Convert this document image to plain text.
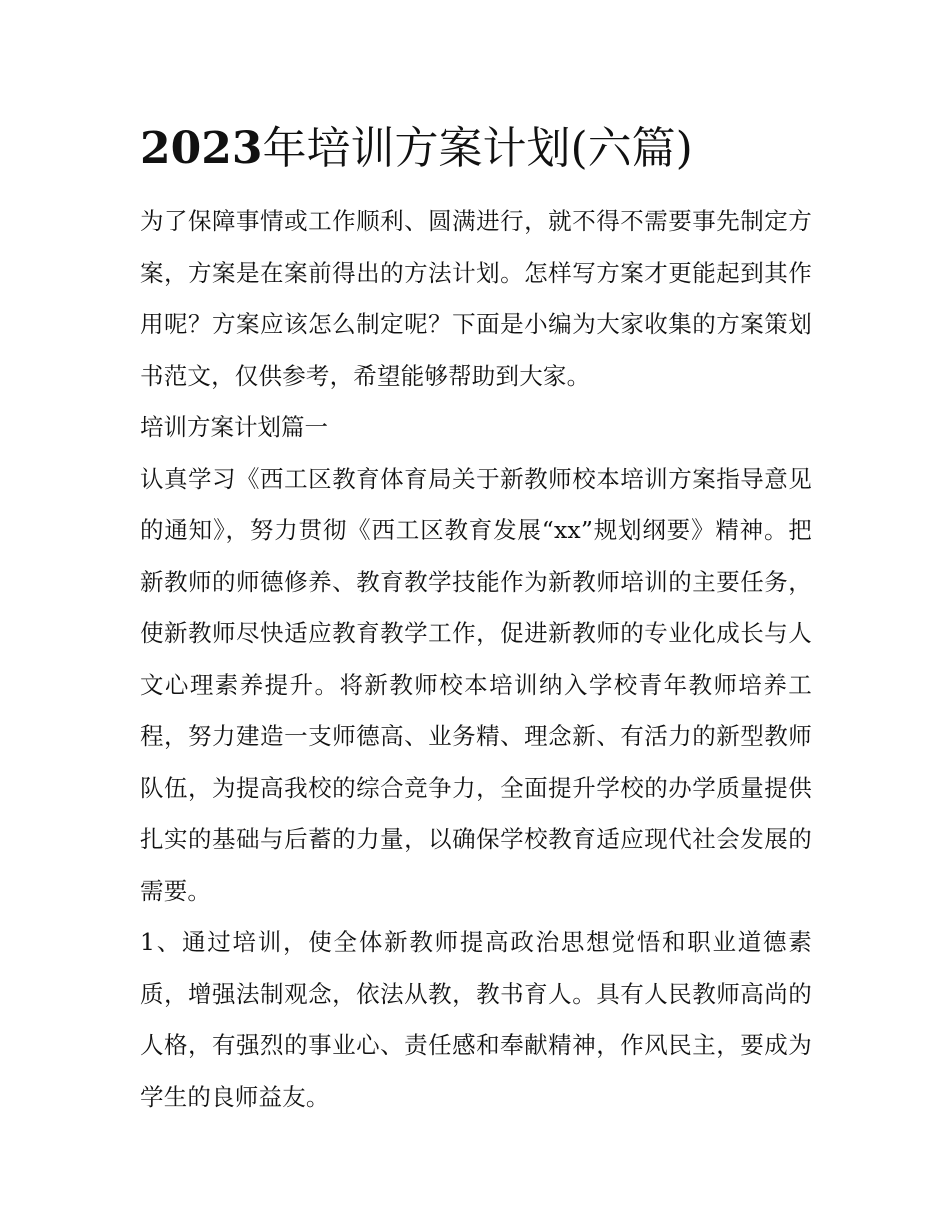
2023年培训方案计划(六篇)

为了保障事情或工作顺利、圆满进行，就不得不需要事先制定方案，方案是在案前得出的方法计划。怎样写方案才更能起到其作用呢？方案应该怎么制定呢？下面是小编为大家收集的方案策划书范文，仅供参考，希望能够帮助到大家。

培训方案计划篇一

认真学习《西工区教育体育局关于新教师校本培训方案指导意见的通知》，努力贯彻《西工区教育发展“xx”规划纲要》精神。把新教师的师德修养、教育教学技能作为新教师培训的主要任务，使新教师尽快适应教育教学工作，促进新教师的专业化成长与人文心理素养提升。将新教师校本培训纳入学校青年教师培养工程，努力建造一支师德高、业务精、理念新、有活力的新型教师队伍，为提高我校的综合竞争力，全面提升学校的办学质量提供扎实的基础与后蓄的力量，以确保学校教育适应现代社会发展的需要。

1、通过培训，使全体新教师提高政治思想觉悟和职业道德素质，增强法制观念，依法从教，教书育人。具有人民教师高尚的人格，有强烈的事业心、责任感和奉献精神，作风民主，要成为学生的良师益友。
